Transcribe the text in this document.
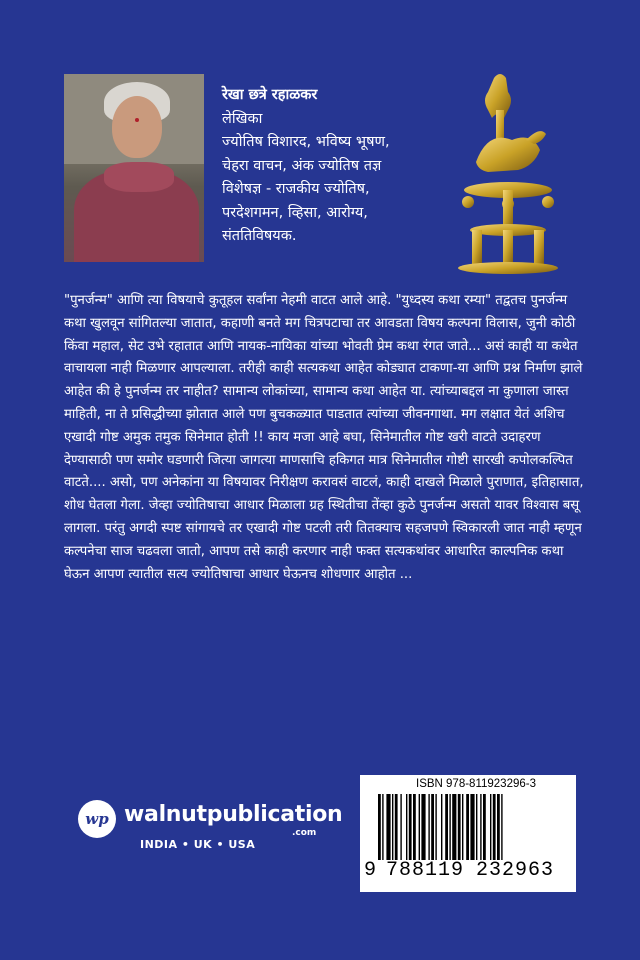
रेखा छत्रे रहाळकर
लेखिका
ज्योतिष विशारद, भविष्य भूषण,
चेहरा वाचन, अंक ज्योतिष तज्ञ
विशेषज्ञ - राजकीय ज्योतिष,
परदेशगमन, व्हिसा, आरोग्य,
संततिविषयक.

"पुनर्जन्म" आणि त्या विषयाचे कुतूहल सर्वांना नेहमी वाटत आले आहे. "युध्दस्य कथा रम्या" तद्वतच पुनर्जन्म कथा खुलवून सांगितल्या जातात, कहाणी बनते मग चित्रपटाचा तर आवडता विषय कल्पना विलास, जुनी कोठी किंवा महाल, सेट उभे रहातात आणि नायक-नायिका यांच्या भोवती प्रेम कथा रंगत जाते... असं काही या कथेत वाचायला नाही मिळणार आपल्याला. तरीही काही सत्यकथा आहेत कोड्यात टाकणा-या आणि प्रश्न निर्माण झाले आहेत की हे पुनर्जन्म तर नाहीत? सामान्य लोकांच्या, सामान्य कथा आहेत या. त्यांच्याबद्दल ना कुणाला जास्त माहिती, ना ते प्रसिद्धीच्या झोतात आले पण बुचकळ्यात पाडतात त्यांच्या जीवनगाथा. मग लक्षात येतं अशिच एखादी गोष्ट अमुक तमुक सिनेमात होती !! काय मजा आहे बघा, सिनेमातील गोष्ट खरी वाटते उदाहरण देण्यासाठी पण समोर घडणारी जित्या जागत्या माणसाचि हकिगत मात्र सिनेमातील गोष्टी सारखी कपोलकल्पित वाटते.... असो, पण अनेकांना या विषयावर निरीक्षण करावसं वाटलं, काही दाखले मिळाले पुराणात, इतिहासात, शोध घेतला गेला. जेव्हा ज्योतिषाचा आधार मिळाला ग्रह स्थितीचा तेंव्हा कुठे पुनर्जन्म असतो यावर विश्वास बसू लागला. परंतु अगदी स्पष्ट सांगायचे तर एखादी गोष्ट पटली तरी तितक्याच सहजपणे स्विकारली जात नाही म्हणून कल्पनेचा साज चढवला जातो, आपण तसे काही करणार नाही फक्त सत्यकथांवर आधारित काल्पनिक कथा घेऊन आपण त्यातील सत्य ज्योतिषाचा आधार घेऊनच शोधणार आहोत ...

wp walnutpublication
.com
INDIA • UK • USA
ISBN 978-811923296-3
9 788119 232963
